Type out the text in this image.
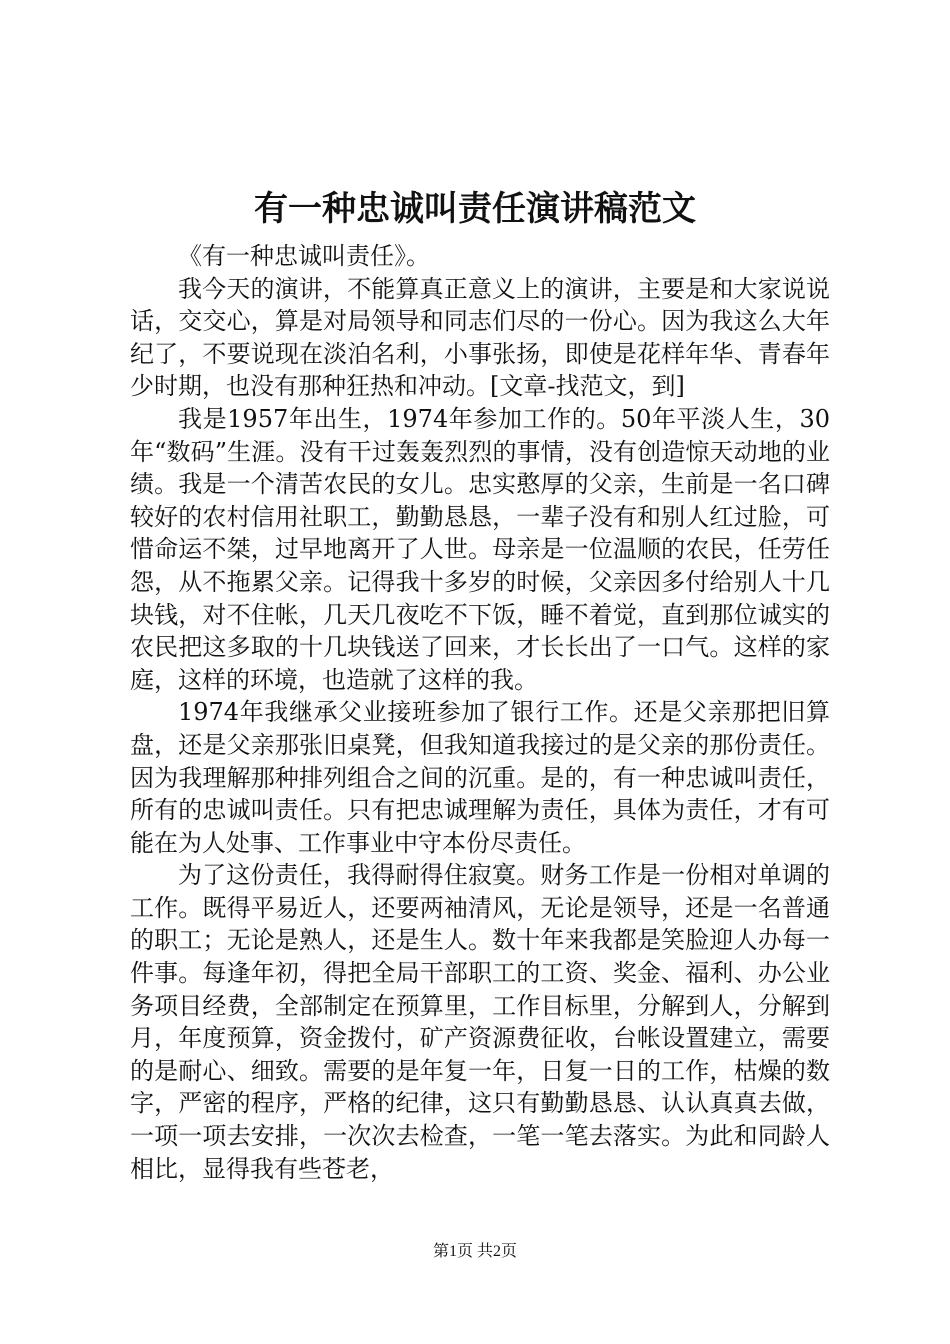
有一种忠诚叫责任演讲稿范文

《有一种忠诚叫责任》。

我今天的演讲，不能算真正意义上的演讲，主要是和大家说说话，交交心，算是对局领导和同志们尽的一份心。因为我这么大年纪了，不要说现在淡泊名利，小事张扬，即使是花样年华、青春年少时期，也没有那种狂热和冲动。[文章-找范文，到]

我是1957年出生，1974年参加工作的。50年平淡人生，30年“数码”生涯。没有干过轰轰烈烈的事情，没有创造惊天动地的业绩。我是一个清苦农民的女儿。忠实憨厚的父亲，生前是一名口碑较好的农村信用社职工，勤勤恳恳，一辈子没有和别人红过脸，可惜命运不桀，过早地离开了人世。母亲是一位温顺的农民，任劳任怨，从不拖累父亲。记得我十多岁的时候，父亲因多付给别人十几块钱，对不住帐，几天几夜吃不下饭，睡不着觉，直到那位诚实的农民把这多取的十几块钱送了回来，才长长出了一口气。这样的家庭，这样的环境，也造就了这样的我。

1974年我继承父业接班参加了银行工作。还是父亲那把旧算盘，还是父亲那张旧桌凳，但我知道我接过的是父亲的那份责任。因为我理解那种排列组合之间的沉重。是的，有一种忠诚叫责任，所有的忠诚叫责任。只有把忠诚理解为责任，具体为责任，才有可能在为人处事、工作事业中守本份尽责任。

为了这份责任，我得耐得住寂寞。财务工作是一份相对单调的工作。既得平易近人，还要两袖清风，无论是领导，还是一名普通的职工；无论是熟人，还是生人。数十年来我都是笑脸迎人办每一件事。每逢年初，得把全局干部职工的工资、奖金、福利、办公业务项目经费，全部制定在预算里，工作目标里，分解到人，分解到月，年度预算，资金拨付，矿产资源费征收，台帐设置建立，需要的是耐心、细致。需要的是年复一年，日复一日的工作，枯燥的数字，严密的程序，严格的纪律，这只有勤勤恳恳、认认真真去做，一项一项去安排，一次次去检查，一笔一笔去落实。为此和同龄人相比，显得我有些苍老，

第1页 共2页
